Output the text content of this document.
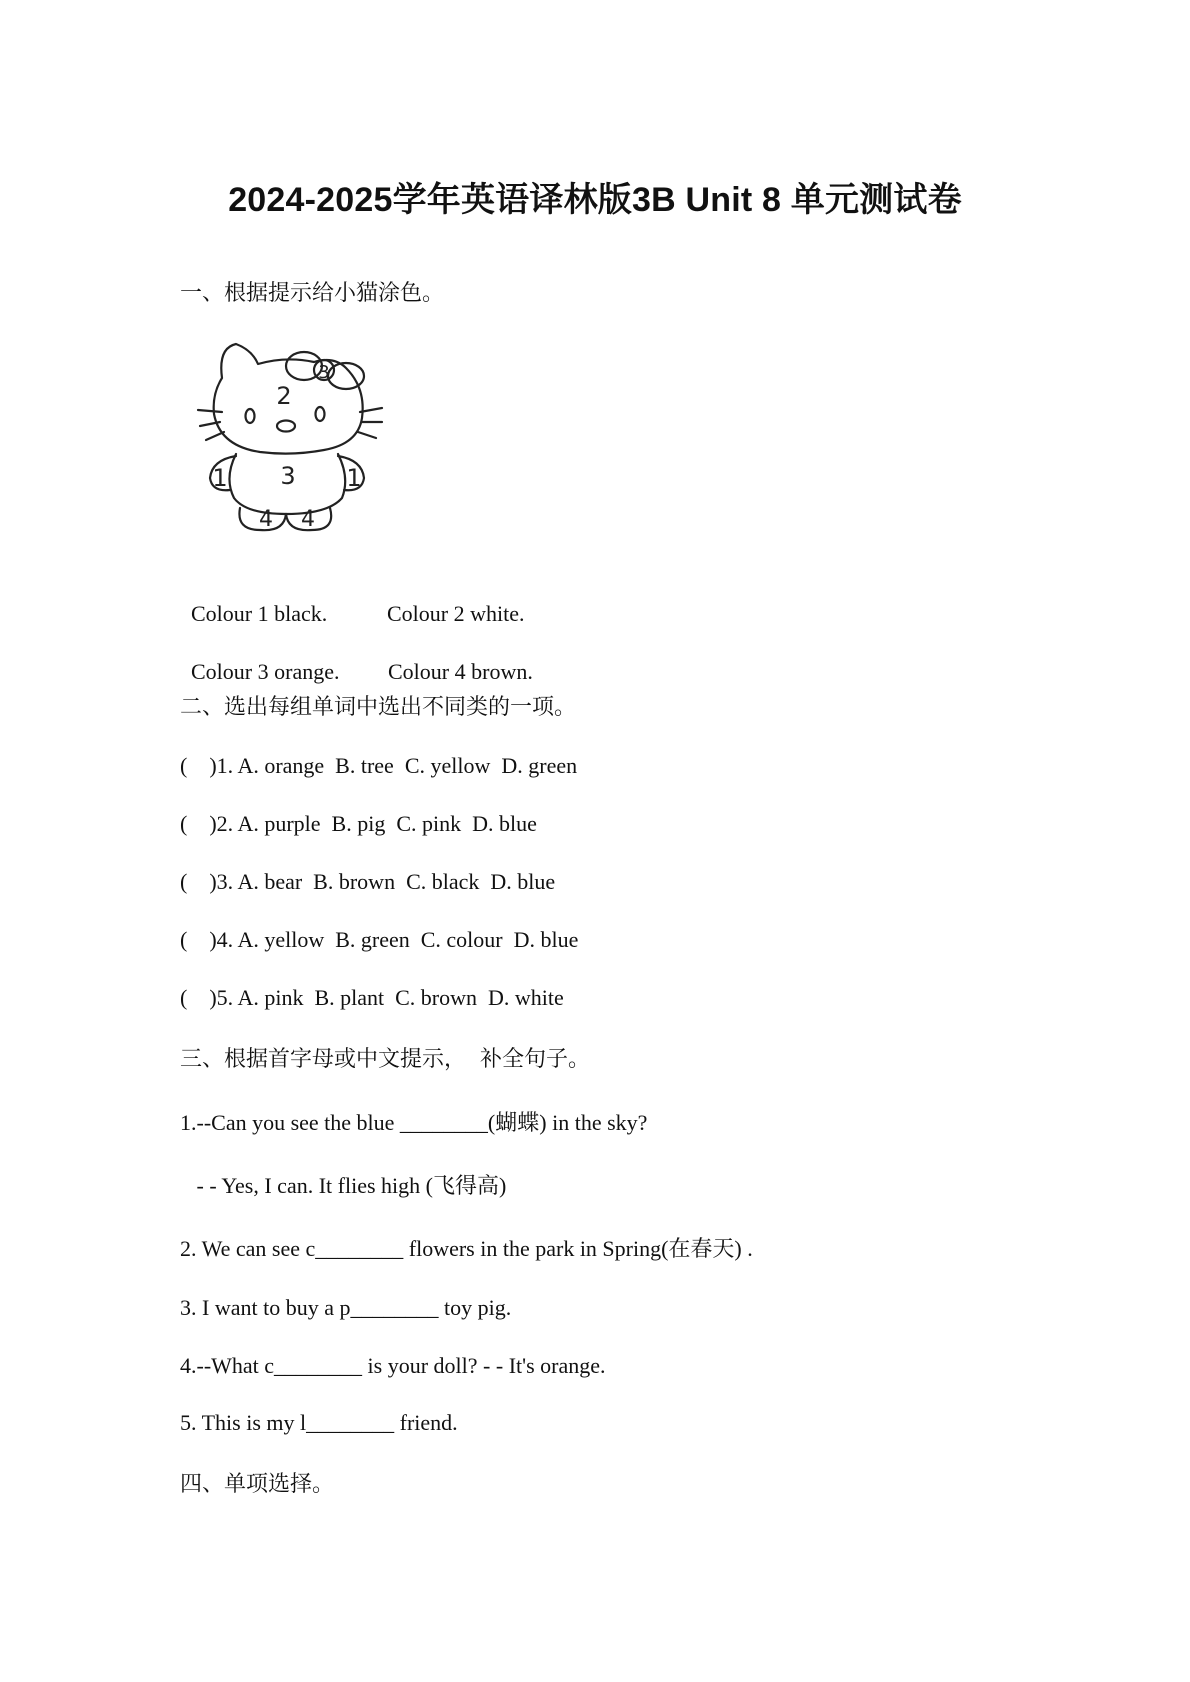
2024-2025学年英语译林版3B Unit 8 单元测试卷
一、根据提示给小猫涂色。
1	1
2
3
3
4 4

Colour 1 black.	Colour 2 white.

Colour 3 orange. Colour 4 brown.

二、选出每组单词中选出不同类的一项。
(    )1. A. orange  B. tree  C. yellow  D. green
(    )2. A. purple  B. pig  C. pink  D. blue
(    )3. A. bear  B. brown  C. black  D. blue
(    )4. A. yellow  B. green  C. colour  D. blue
(    )5. A. pink  B. plant  C. brown  D. white
三、根据首字母或中文提示，  补全句子。
1.--Can you see the blue ________(蝴蝶) in the sky?
- - Yes, I can. It flies high (飞得高)
2. We can see c________ flowers in the park in Spring(在春天) .
3. I want to buy a p________ toy pig.
4.--What c________ is your doll? - - It's orange.
5. This is my l________ friend.
四、单项选择。
